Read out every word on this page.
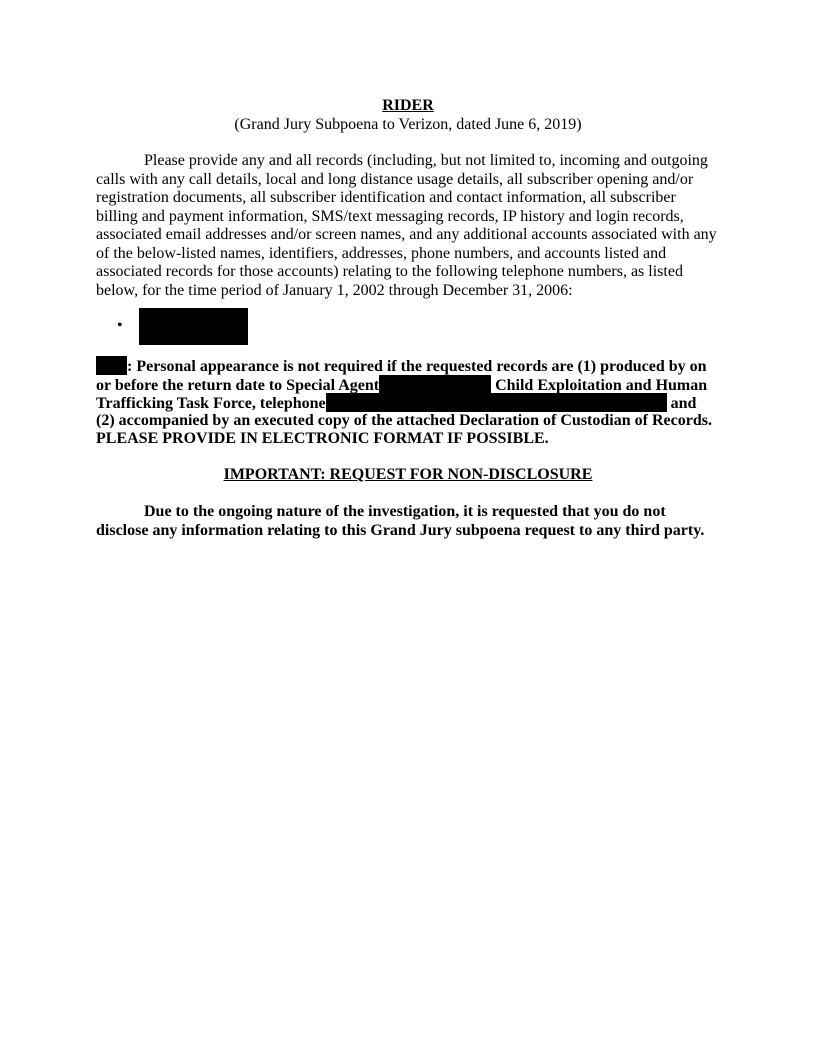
RIDER
(Grand Jury Subpoena to Verizon, dated June 6, 2019)
Please provide any and all records (including, but not limited to, incoming and outgoing calls with any call details, local and long distance usage details, all subscriber opening and/or registration documents, all subscriber identification and contact information, all subscriber billing and payment information, SMS/text messaging records, IP history and login records, associated email addresses and/or screen names, and any additional accounts associated with any of the below-listed names, identifiers, addresses, phone numbers, and accounts listed and associated records for those accounts) relating to the following telephone numbers, as listed below, for the time period of January 1, 2002 through December 31, 2006:
•
: Personal appearance is not required if the requested records are (1) produced by on
or before the return date to Special Agent	Child Exploitation and Human
Trafficking Task Force, telephone	and
(2) accompanied by an executed copy of the attached Declaration of Custodian of Records.
PLEASE PROVIDE IN ELECTRONIC FORMAT IF POSSIBLE.
IMPORTANT: REQUEST FOR NON-DISCLOSURE
Due to the ongoing nature of the investigation, it is requested that you do not disclose any information relating to this Grand Jury subpoena request to any third party.
